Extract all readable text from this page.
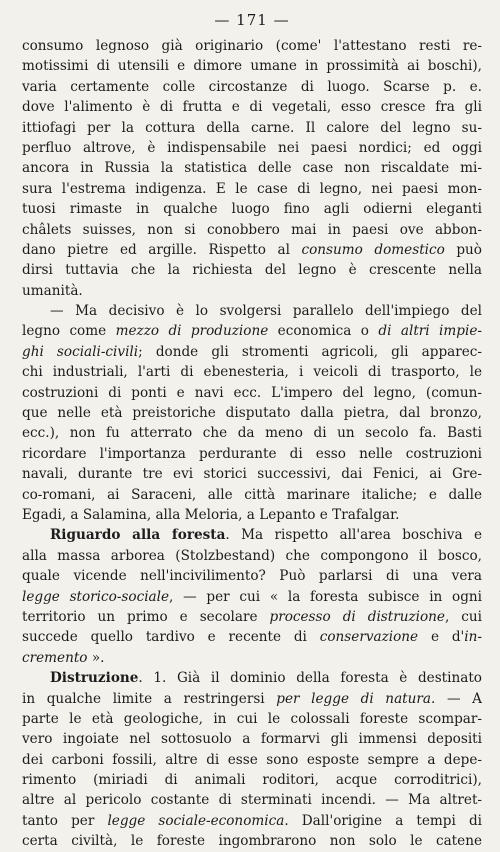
— 171 —
consumo legnoso già originario (come' l'attestano resti re-
motissimi di utensili e dimore umane in prossimità ai boschi),
varia certamente colle circostanze di luogo. Scarse p. e.
dove l'alimento è di frutta e di vegetali, esso cresce fra gli
ittiofagi per la cottura della carne. Il calore del legno su-
perfluo altrove, è indispensabile nei paesi nordici; ed oggi
ancora in Russia la statistica delle case non riscaldate mi-
sura l'estrema indigenza. E le case di legno, nei paesi mon-
tuosi rimaste in qualche luogo fino agli odierni eleganti
châlets suisses, non si conobbero mai in paesi ove abbon-
dano pietre ed argille. Rispetto al consumo domestico può
dirsi tuttavia che la richiesta del legno è crescente nella
umanità.
— Ma decisivo è lo svolgersi parallelo dell'impiego del
legno come mezzo di produzione economica o di altri impie-
ghi sociali-civili; donde gli stromenti agricoli, gli apparec-
chi industriali, l'arti di ebenesteria, i veicoli di trasporto, le
costruzioni di ponti e navi ecc. L'impero del legno, (comun-
que nelle età preistoriche disputato dalla pietra, dal bronzo,
ecc.), non fu atterrato che da meno di un secolo fa. Basti
ricordare l'importanza perdurante di esso nelle costruzioni
navali, durante tre evi storici successivi, dai Fenici, ai Gre-
co-romani, ai Saraceni, alle città marinare italiche; e dalle
Egadi, a Salamina, alla Meloria, a Lepanto e Trafalgar.
Riguardo alla foresta. Ma rispetto all'area boschiva e
alla massa arborea (Stolzbestand) che compongono il bosco,
quale vicende nell'incivilimento? Può parlarsi di una vera
legge storico-sociale, — per cui « la foresta subisce in ogni
territorio un primo e secolare processo di distruzione, cui
succede quello tardivo e recente di conservazione e d'in-
cremento ».
Distruzione. 1. Già il dominio della foresta è destinato
in qualche limite a restringersi per legge di natura. — A
parte le età geologiche, in cui le colossali foreste scompar-
vero ingoiate nel sottosuolo a formarvi gli immensi depositi
dei carboni fossili, altre di esse sono esposte sempre a depe-
rimento (miriadi di animali roditori, acque corroditrici),
altre al pericolo costante di sterminati incendi. — Ma altret-
tanto per legge sociale-economica. Dall'origine a tempi di
certa civiltà, le foreste ingombrarono non solo le catene
